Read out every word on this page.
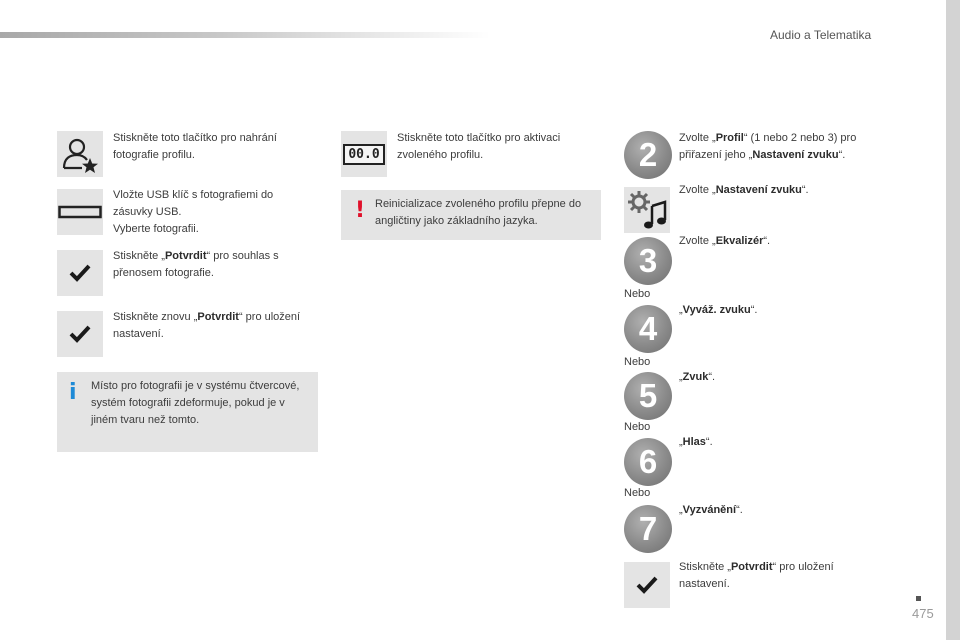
Audio a Telematika
Stiskněte toto tlačítko pro nahrání fotografie profilu.
Vložte USB klíč s fotografiemi do zásuvky USB.
Vyberte fotografii.
Stiskněte „Potvrdit“ pro souhlas s přenosem fotografie.
Stiskněte znovu „Potvrdit“ pro uložení nastavení.
i Místo pro fotografii je v systému čtvercové, systém fotografii zdeformuje, pokud je v jiném tvaru než tomto.
00.0
Stiskněte toto tlačítko pro aktivaci zvoleného profilu.
! Reinicializace zvoleného profilu přepne do angličtiny jako základního jazyka.
2	Zvolte „Profil“ (1 nebo 2 nebo 3) pro přiřazení jeho „Nastavení zvuku“.
Zvolte „Nastavení zvuku“.
3
Zvolte „Ekvalizér“.
Nebo
4	„Vyváž. zvuku“.
Nebo
5	„Zvuk“.
Nebo
6
„Hlas“.
Nebo
7	„Vyzvánění“.
Stiskněte „Potvrdit“ pro uložení nastavení.
475
